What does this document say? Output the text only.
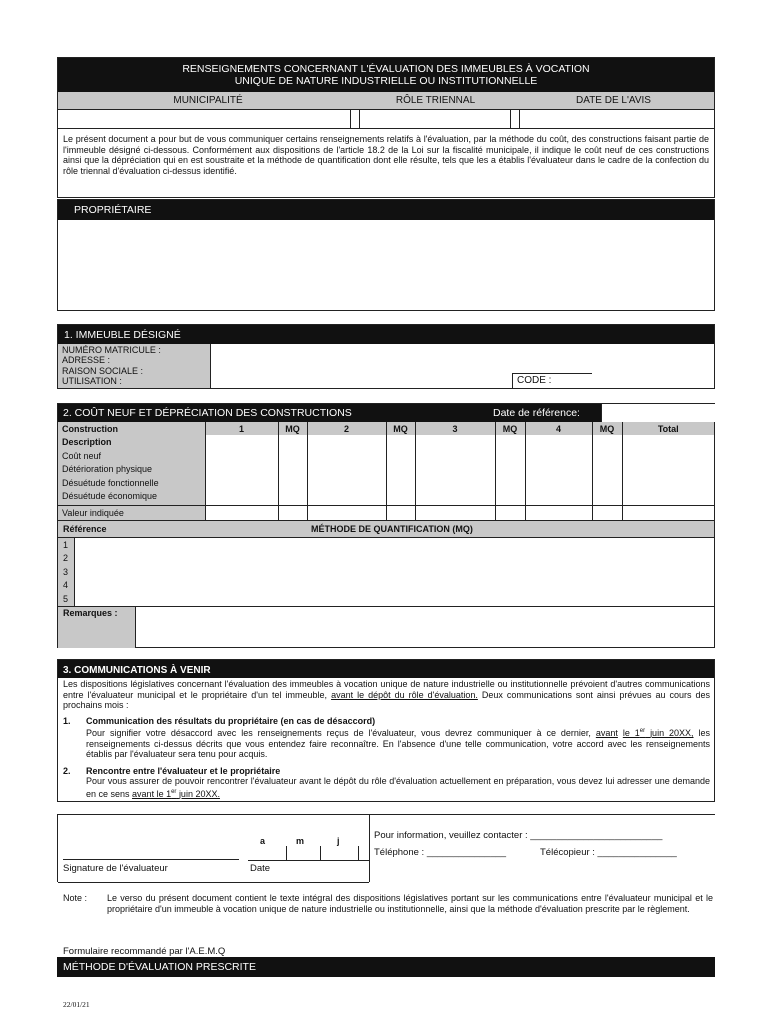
RENSEIGNEMENTS CONCERNANT L'ÉVALUATION DES IMMEUBLES À VOCATION
UNIQUE DE NATURE INDUSTRIELLE OU INSTITUTIONNELLE
MUNICIPALITÉ	RÔLE TRIENNAL	DATE DE L'AVIS
Le présent document a pour but de vous communiquer certains renseignements relatifs à l'évaluation, par la méthode du coût, des constructions faisant partie de l'immeuble désigné ci-dessous. Conformément aux dispositions de l'article 18.2 de la Loi sur la fiscalité municipale, il indique le coût neuf de ces constructions ainsi que la dépréciation qui en est soustraite et la méthode de quantification dont elle résulte, tels que les a établis l'évaluateur dans le cadre de la confection du rôle triennal d'évaluation ci-dessus identifié.
PROPRIÉTAIRE
1. IMMEUBLE DÉSIGNÉ
NUMÉRO MATRICULE :
ADRESSE :
RAISON SOCIALE :
UTILISATION :	CODE :
2. COÛT NEUF ET DÉPRÉCIATION DES CONSTRUCTIONS	Date de référence:
Construction	1	MQ	2	MQ	3	MQ	4	MQ	Total

Description
Coût neuf
Détérioration physique
Désuétude fonctionnelle
Désuétude économique									

Valeur indiquée									
Référence	MÉTHODE DE QUANTIFICATION (MQ)
1
2
3
4
5
Remarques :
3. COMMUNICATIONS À VENIR
Les dispositions législatives concernant l'évaluation des immeubles à vocation unique de nature industrielle ou institutionnelle prévoient d'autres communications entre l'évaluateur municipal et le propriétaire d'un tel immeuble, avant le dépôt du rôle d'évaluation. Deux communications sont ainsi prévues au cours des prochains mois :
1.	Communication des résultats du propriétaire (en cas de désaccord)
Pour signifier votre désaccord avec les renseignements reçus de l'évaluateur, vous devrez communiquer à ce dernier, avant le 1er juin 20XX, les renseignements ci-dessus décrits que vous entendez faire reconnaître. En l'absence d'une telle communication, votre accord avec les renseignements établis par l'évaluateur sera tenu pour acquis.
2.	Rencontre entre l'évaluateur et le propriétaire
Pour vous assurer de pouvoir rencontrer l'évaluateur avant le dépôt du rôle d'évaluation actuellement en préparation, vous devez lui adresser une demande en ce sens avant le 1er juin 20XX.
Signature de l'évaluateur
a	m	j
Date
Pour information, veuillez contacter : _________________________
Téléphone : _______________	Télécopieur : _______________
Note :	Le verso du présent document contient le texte intégral des dispositions législatives portant sur les communications entre l'évaluateur municipal et le propriétaire d'un immeuble à vocation unique de nature industrielle ou institutionnelle, ainsi que la méthode d'évaluation prescrite par le règlement.
Formulaire recommandé par l'A.E.M.Q
MÉTHODE D'ÉVALUATION PRESCRITE
22/01/21
